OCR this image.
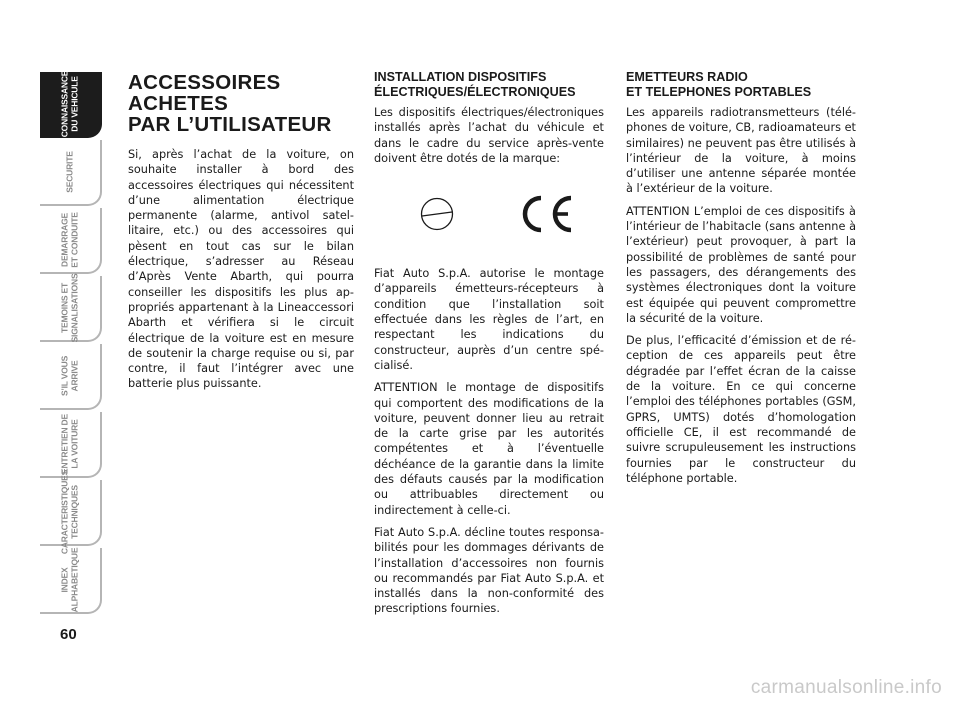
CONNAISSANCE
DU VEHICULE
SECURITE
DEMARRAGE
ET CONDUITE
TEMOINS ET
SIGNALISATIONS
S’IL VOUS
ARRIVE
ENTRETIEN DE
LA VOITURE
CARACTERISTIQUES
TECHNIQUES
INDEX
ALPHABETIQUE
60
ACCESSOIRES ACHETES
PAR L’UTILISATEUR

Si, après l’achat de la voiture, on souhaite installer à bord des accessoires électriques qui nécessitent d’une alimentation électrique permanente (alarme, antivol satellitaire, etc.) ou des accessoires qui pèsent en tout cas sur le bilan électrique, s’adresser au Réseau d’Après Vente Abarth, qui pourra conseiller les dispositifs les plus appropriés appartenant à la Lineaccessori Abarth et vérifiera si le circuit électrique de la voiture est en mesure de soutenir la charge requise ou si, par contre, il faut l’intégrer avec une batterie plus puissante.

INSTALLATION DISPOSITIFS
ÉLECTRIQUES/ÉLECTRONIQUES

Les dispositifs électriques/électroniques installés après l’achat du véhicule et dans le cadre du service après-vente doivent être dotés de la marque:

Fiat Auto S.p.A. autorise le montage d’appareils émetteurs-récepteurs à condition que l’installation soit effectuée dans les règles de l’art, en respectant les indications du constructeur, auprès d’un centre spécialisé.

ATTENTION le montage de dispositifs qui comportent des modifications de la voiture, peuvent donner lieu au retrait de la carte grise par les autorités compétentes et à l’éventuelle déchéance de la garantie dans la limite des défauts causés par la modification ou attribuables directement ou indirectement à celle-ci.

Fiat Auto S.p.A. décline toutes responsabilités pour les dommages dérivants de l’installation d’accessoires non fournis ou recommandés par Fiat Auto S.p.A. et installés dans la non-conformité des prescriptions fournies.

EMETTEURS RADIO
ET TELEPHONES PORTABLES

Les appareils radiotransmetteurs (téléphones de voiture, CB, radioamateurs et similaires) ne peuvent pas être utilisés à l’intérieur de la voiture, à moins d’utiliser une antenne séparée montée à l’extérieur de la voiture.

ATTENTION L’emploi de ces dispositifs à l’intérieur de l’habitacle (sans antenne à l’extérieur) peut provoquer, à part la possibilité de problèmes de santé pour les passagers, des dérangements des systèmes électroniques dont la voiture est équipée qui peuvent compromettre la sécurité de la voiture.

De plus, l’efficacité d’émission et de réception de ces appareils peut être dégradée par l’effet écran de la caisse de la voiture. En ce qui concerne l’emploi des téléphones portables (GSM, GPRS, UMTS) dotés d’homologation officielle CE, il est recommandé de suivre scrupuleusement les instructions fournies par le constructeur du téléphone portable.

carmanualsonline.info
